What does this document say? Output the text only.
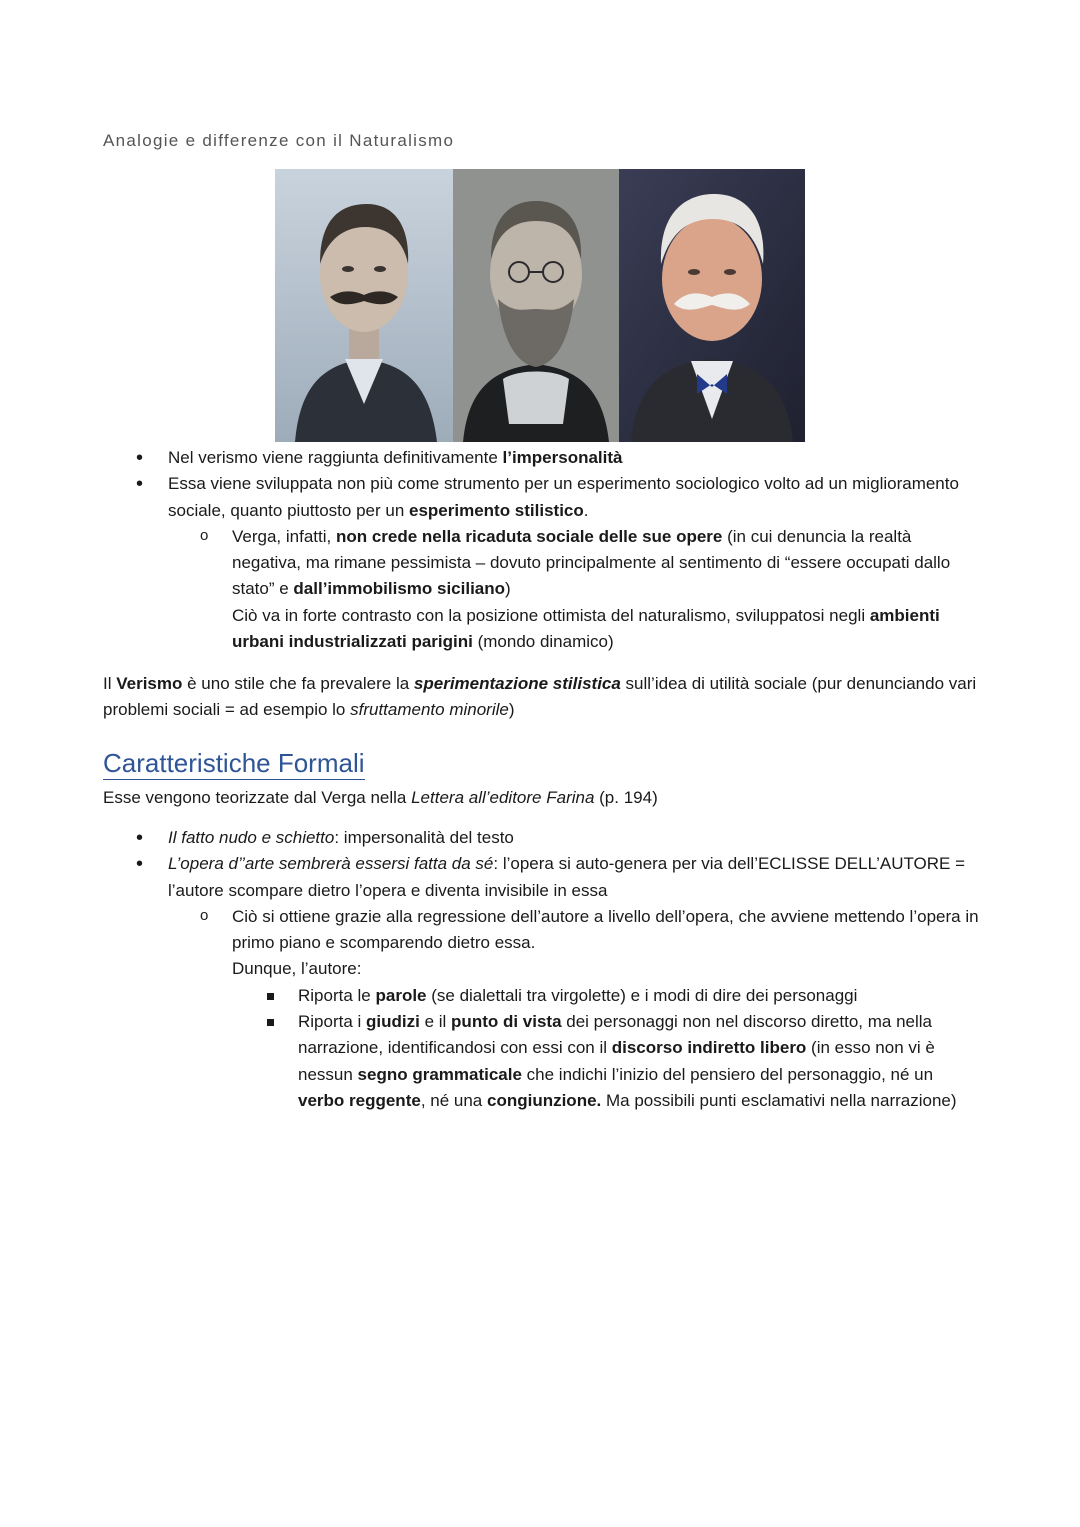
Analogie e differenze con il Naturalismo
• Nel verismo viene raggiunta definitivamente l’impersonalità
• Essa viene sviluppata non più come strumento per un esperimento sociologico volto ad un miglioramento sociale, quanto piuttosto per un esperimento stilistico.
o Verga, infatti, non crede nella ricaduta sociale delle sue opere (in cui denuncia la realtà negativa, ma rimane pessimista – dovuto principalmente al sentimento di “essere occupati dallo stato” e dall’immobilismo siciliano)
Ciò va in forte contrasto con la posizione ottimista del naturalismo, sviluppatosi negli ambienti urbani industrializzati parigini (mondo dinamico)

Il Verismo è uno stile che fa prevalere la sperimentazione stilistica sull’idea di utilità sociale (pur denunciando vari problemi sociali = ad esempio lo sfruttamento minorile)

Caratteristiche Formali

Esse vengono teorizzate dal Verga nella Lettera all’editore Farina (p. 194)

• Il fatto nudo e schietto: impersonalità del testo
• L’opera d’’arte sembrerà essersi fatta da sé: l’opera si auto-genera per via dell’ECLISSE DELL’AUTORE = l’autore scompare dietro l’opera e diventa invisibile in essa
o Ciò si ottiene grazie alla regressione dell’autore a livello dell’opera, che avviene mettendo l’opera in primo piano e scomparendo dietro essa.
Dunque, l’autore:
Riporta le parole (se dialettali tra virgolette) e i modi di dire dei personaggi
Riporta i giudizi e il punto di vista dei personaggi non nel discorso diretto, ma nella narrazione, identificandosi con essi con il discorso indiretto libero (in esso non vi è nessun segno grammaticale che indichi l’inizio del pensiero del personaggio, né un verbo reggente, né una congiunzione. Ma possibili punti esclamativi nella narrazione)
